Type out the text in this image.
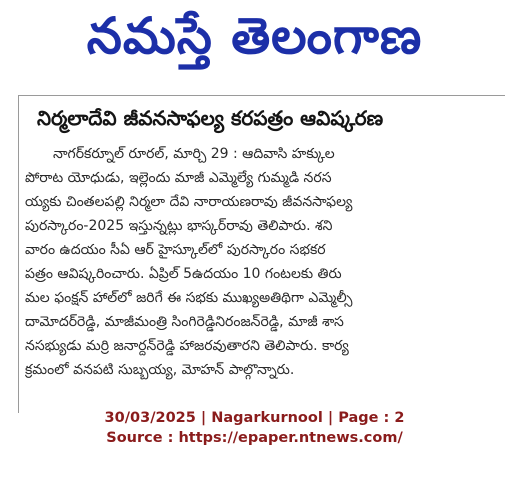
నమస్తే తెలంగాణ
నిర్మలాదేవి జీవనసాఫల్య కరపత్రం ఆవిష్కరణ
నాగర్‌కర్నూల్ రూరల్, మార్చి 29 : ఆదివాసి హక్కుల
పోరాట యోధుడు, ఇల్లెందు మాజీ ఎమ్మెల్యే గుమ్మడి నరస
య్యకు చింతలపల్లి నిర్మలా దేవి నారాయణరావు జీవనసాఫల్య
పురస్కారం-2025 ఇస్తున్నట్లు భాస్కర్‌రావు తెలిపారు. శని
వారం ఉదయం సీఏ ఆర్ హైస్కూల్‌లో పురస్కారం సభకర
పత్రం ఆవిష్కరించారు. ఏప్రిల్ 5ఉదయం 10 గంటలకు తిరు
మల ఫంక్షన్ హాల్‌లో జరిగే ఈ సభకు ముఖ్యఅతిథిగా ఎమ్మెల్సీ
దామోదర్‌రెడ్డి, మాజీమంత్రి సింగిరెడ్డినిరంజన్‌రెడ్డి, మాజీ శాస
నసభ్యుడు మర్రి జనార్దన్‌రెడ్డి హాజరవుతారని తెలిపారు. కార్య
క్రమంలో వనపటి సుబ్బయ్య, మోహన్ పాల్గొన్నారు.
30/03/2025 | Nagarkurnool | Page : 2
Source : https://epaper.ntnews.com/
